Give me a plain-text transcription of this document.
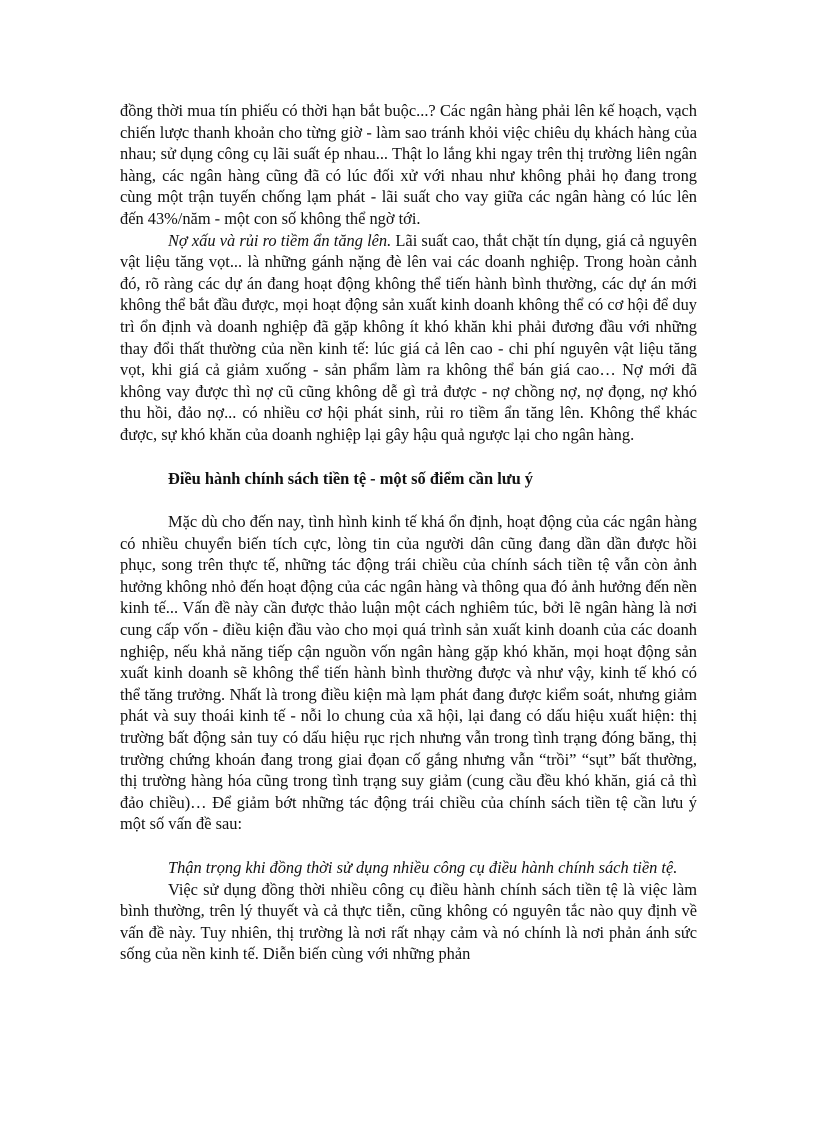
đồng thời mua tín phiếu có thời hạn bắt buộc...? Các ngân hàng phải lên kế hoạch, vạch chiến lược thanh khoản cho từng giờ - làm sao tránh khỏi việc chiêu dụ khách hàng của nhau; sử dụng công cụ lãi suất ép nhau... Thật lo lắng khi ngay trên thị trường liên ngân hàng, các ngân hàng cũng đã có lúc đối xử với nhau như không phải họ đang trong cùng một trận tuyến chống lạm phát - lãi suất cho vay giữa các ngân hàng có lúc lên đến 43%/năm - một con số không thể ngờ tới.

Nợ xấu và rủi ro tiềm ẩn tăng lên. Lãi suất cao, thắt chặt tín dụng, giá cả nguyên vật liệu tăng vọt... là những gánh nặng đè lên vai các doanh nghiệp. Trong hoàn cảnh đó, rõ ràng các dự án đang hoạt động không thể tiến hành bình thường, các dự án mới không thể bắt đầu được, mọi hoạt động sản xuất kinh doanh không thể có cơ hội để duy trì ổn định và doanh nghiệp đã gặp không ít khó khăn khi phải đương đầu với những thay đổi thất thường của nền kinh tế: lúc giá cả lên cao - chi phí nguyên vật liệu tăng vọt, khi giá cả giảm xuống - sản phẩm làm ra không thể bán giá cao… Nợ mới đã không vay được thì nợ cũ cũng không dễ gì trả được - nợ chồng nợ, nợ đọng, nợ khó thu hồi, đảo nợ... có nhiều cơ hội phát sinh, rủi ro tiềm ẩn tăng lên. Không thể khác được, sự khó khăn của doanh nghiệp lại gây hậu quả ngược lại cho ngân hàng.

Điều hành chính sách tiền tệ - một số điểm cần lưu ý

Mặc dù cho đến nay, tình hình kinh tế khá ổn định, hoạt động của các ngân hàng có nhiều chuyển biến tích cực, lòng tin của người dân cũng đang dần dần được hồi phục, song trên thực tế, những tác động trái chiều của chính sách tiền tệ vẫn còn ảnh hưởng không nhỏ đến hoạt động của các ngân hàng và thông qua đó ảnh hưởng đến nền kinh tế... Vấn đề này cần được thảo luận một cách nghiêm túc, bởi lẽ ngân hàng là nơi cung cấp vốn - điều kiện đầu vào cho mọi quá trình sản xuất kinh doanh của các doanh nghiệp, nếu khả năng tiếp cận nguồn vốn ngân hàng gặp khó khăn, mọi hoạt động sản xuất kinh doanh sẽ không thể tiến hành bình thường được và như vậy, kinh tế khó có thể tăng trưởng. Nhất là trong điều kiện mà lạm phát đang được kiểm soát, nhưng giảm phát và suy thoái kinh tế - nỗi lo chung của xã hội, lại đang có dấu hiệu xuất hiện: thị trường bất động sản tuy có dấu hiệu rục rịch nhưng vẫn trong tình trạng đóng băng, thị trường chứng khoán đang trong giai đọan cố gắng nhưng vẫn “trồi” “sụt” bất thường, thị trường hàng hóa cũng trong tình trạng suy giảm (cung cầu đều khó khăn, giá cả thì đảo chiều)… Để giảm bớt những tác động trái chiều của chính sách tiền tệ cần lưu ý một số vấn đề sau:

Thận trọng khi đồng thời sử dụng nhiều công cụ điều hành chính sách tiền tệ.

Việc sử dụng đồng thời nhiều công cụ điều hành chính sách tiền tệ là việc làm bình thường, trên lý thuyết và cả thực tiễn, cũng không có nguyên tắc nào quy định về vấn đề này. Tuy nhiên, thị trường là nơi rất nhạy cảm và nó chính là nơi phản ánh sức sống của nền kinh tế. Diễn biến cùng với những phản
